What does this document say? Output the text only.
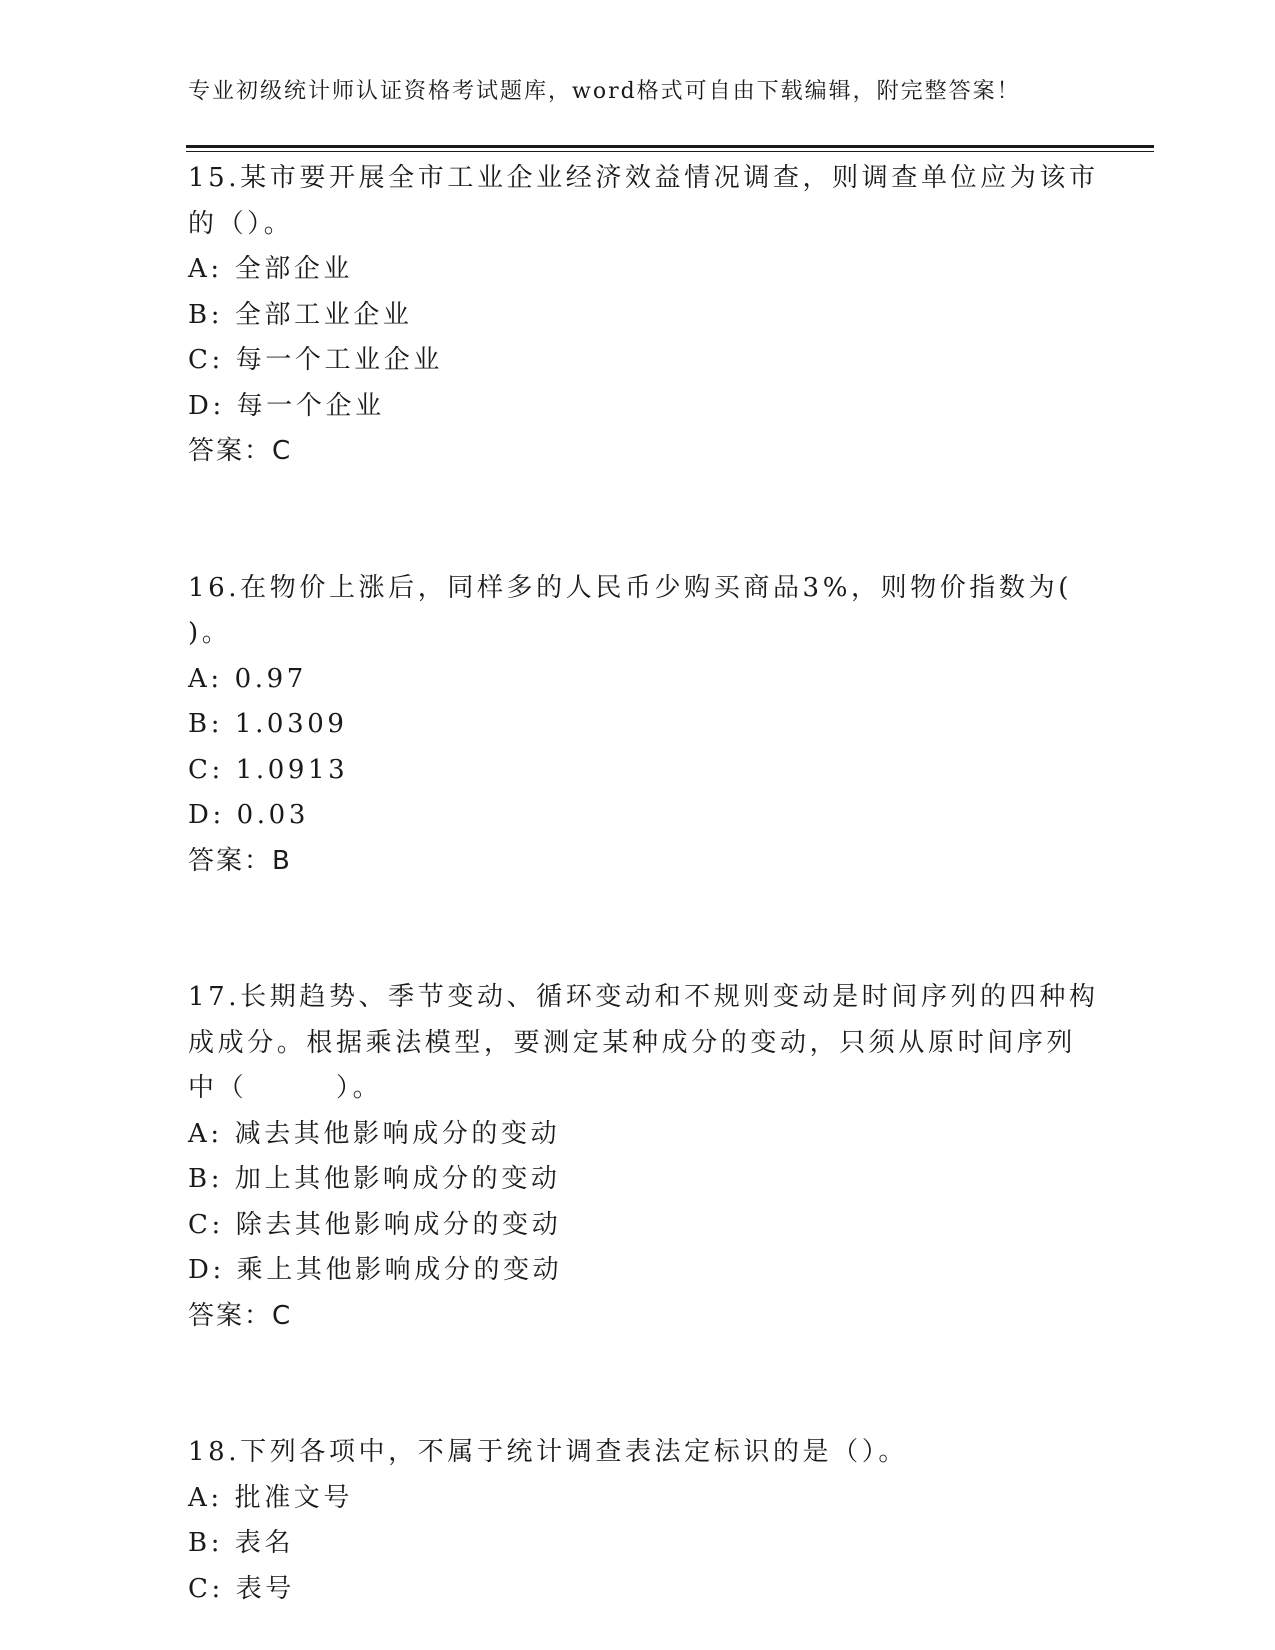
专业初级统计师认证资格考试题库，word格式可自由下载编辑，附完整答案！
15.某市要开展全市工业企业经济效益情况调查，则调查单位应为该市
的（）。
A: 全部企业
B: 全部工业企业
C: 每一个工业企业
D: 每一个企业
答案：C
16.在物价上涨后，同样多的人民币少购买商品3%，则物价指数为(
)。
A: 0.97
B: 1.0309
C: 1.0913
D: 0.03
答案：B
17.长期趋势、季节变动、循环变动和不规则变动是时间序列的四种构
成成分。根据乘法模型，要测定某种成分的变动，只须从原时间序列
中（　　　）。
A: 减去其他影响成分的变动
B: 加上其他影响成分的变动
C: 除去其他影响成分的变动
D: 乘上其他影响成分的变动
答案：C
18.下列各项中，不属于统计调查表法定标识的是（）。
A: 批准文号
B: 表名
C: 表号
